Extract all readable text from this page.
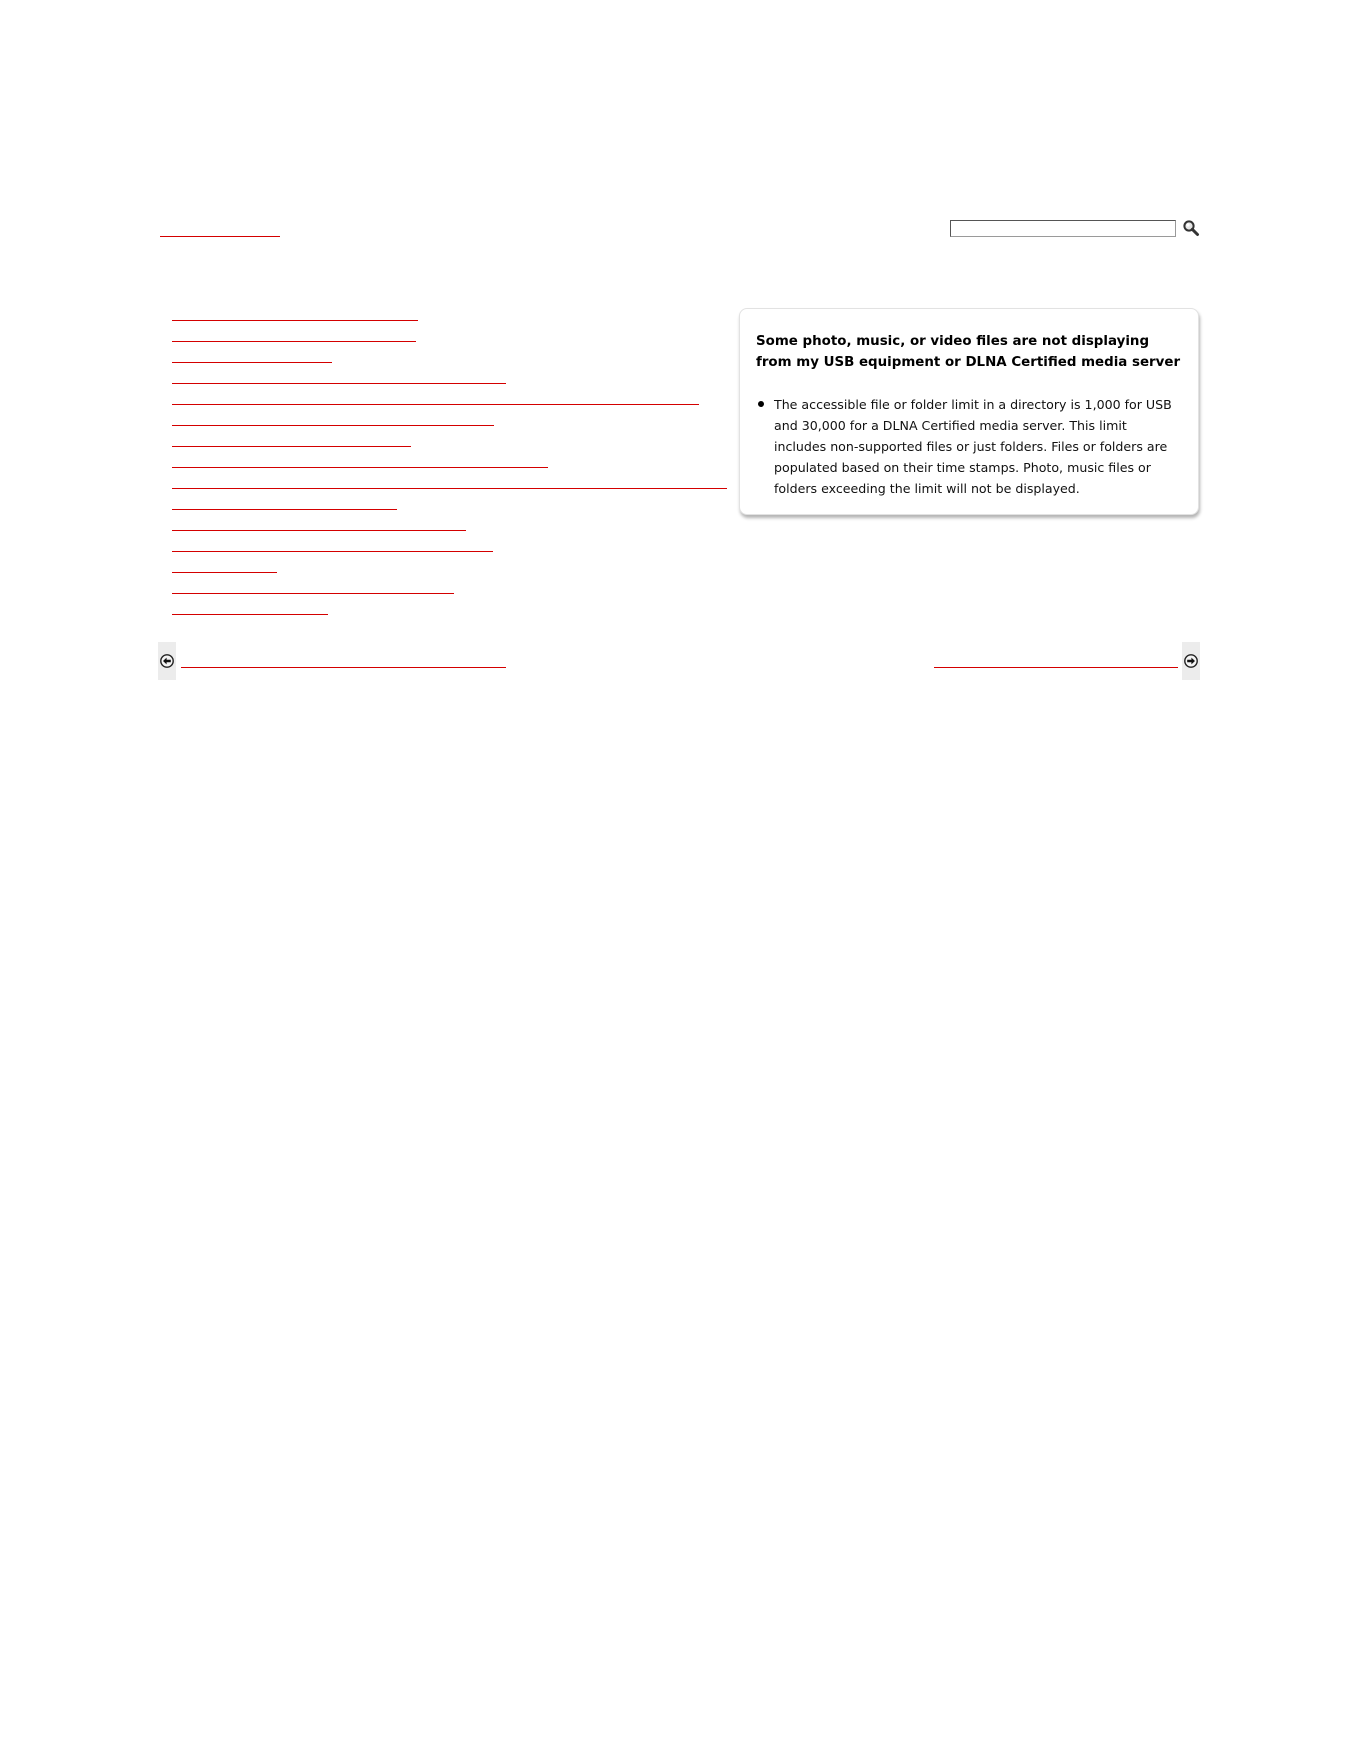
Some photo, music, or video files are not displaying from my USB equipment or DLNA Certified media server

The accessible file or folder limit in a directory is 1,000 for USB and 30,000 for a DLNA Certified media server. This limit includes non-supported files or just folders. Files or folders are populated based on their time stamps. Photo, music files or folders exceeding the limit will not be displayed.
